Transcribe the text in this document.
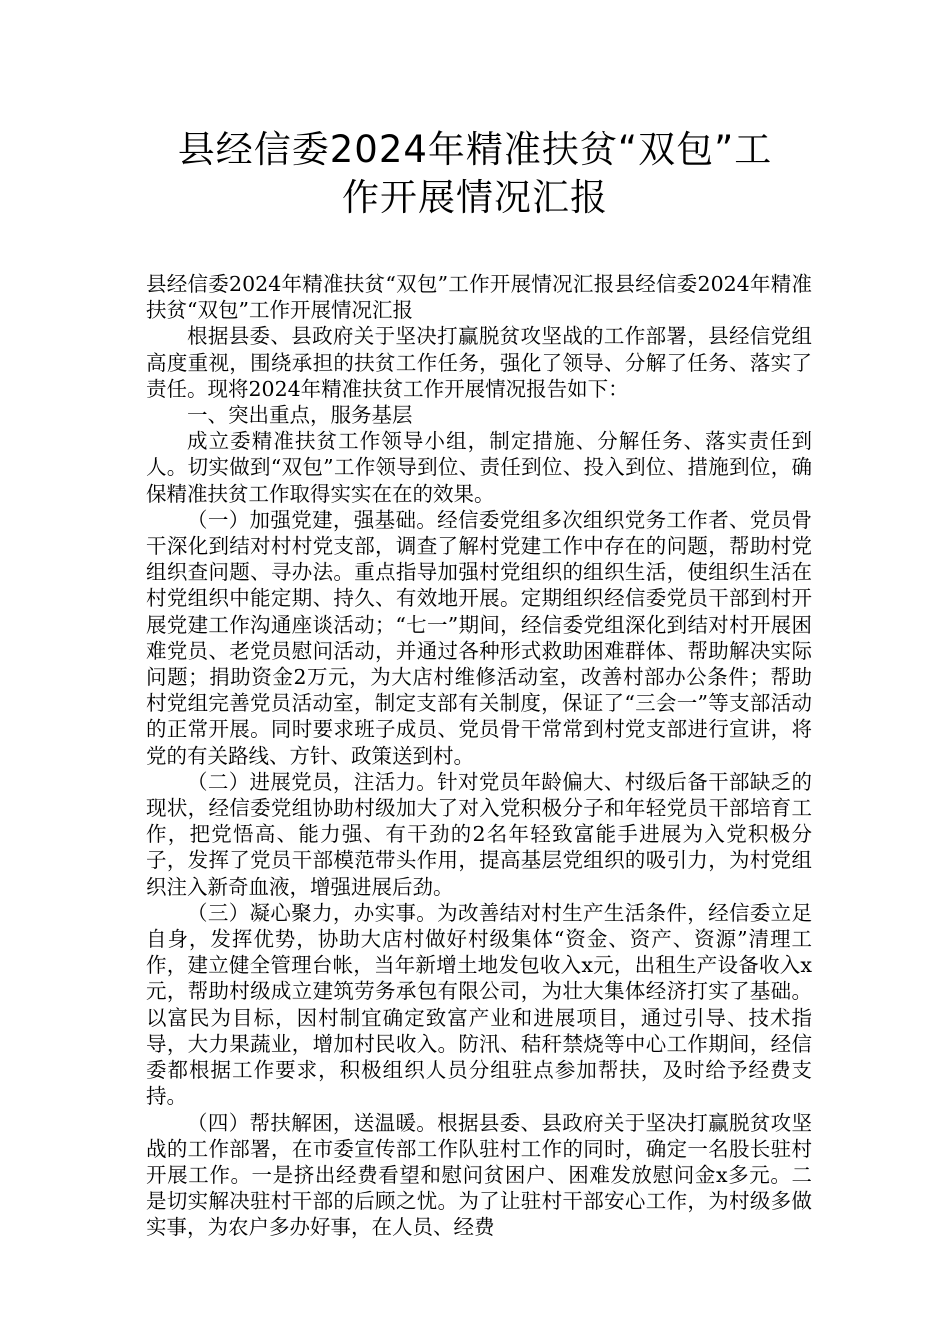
县经信委2024年精准扶贫“双包”工
作开展情况汇报

县经信委2024年精准扶贫“双包”工作开展情况汇报县经信委2024年精准扶贫“双包”工作开展情况汇报

根据县委、县政府关于坚决打赢脱贫攻坚战的工作部署，县经信党组高度重视，围绕承担的扶贫工作任务，强化了领导、分解了任务、落实了责任。现将2024年精准扶贫工作开展情况报告如下：

一、突出重点，服务基层

成立委精准扶贫工作领导小组，制定措施、分解任务、落实责任到人。切实做到“双包”工作领导到位、责任到位、投入到位、措施到位，确保精准扶贫工作取得实实在在的效果。

（一）加强党建，强基础。经信委党组多次组织党务工作者、党员骨干深化到结对村村党支部，调查了解村党建工作中存在的问题，帮助村党组织查问题、寻办法。重点指导加强村党组织的组织生活，使组织生活在村党组织中能定期、持久、有效地开展。定期组织经信委党员干部到村开展党建工作沟通座谈活动；“七一”期间，经信委党组深化到结对村开展困难党员、老党员慰问活动，并通过各种形式救助困难群体、帮助解决实际问题；捐助资金2万元，为大店村维修活动室，改善村部办公条件；帮助村党组完善党员活动室，制定支部有关制度，保证了“三会一”等支部活动的正常开展。同时要求班子成员、党员骨干常常到村党支部进行宣讲，将党的有关路线、方针、政策送到村。

（二）进展党员，注活力。针对党员年龄偏大、村级后备干部缺乏的现状，经信委党组协助村级加大了对入党积极分子和年轻党员干部培育工作，把党悟高、能力强、有干劲的2名年轻致富能手进展为入党积极分子，发挥了党员干部模范带头作用，提高基层党组织的吸引力，为村党组织注入新奇血液，增强进展后劲。

（三）凝心聚力，办实事。为改善结对村生产生活条件，经信委立足自身，发挥优势，协助大店村做好村级集体“资金、资产、资源”清理工作，建立健全管理台帐，当年新增土地发包收入x元，出租生产设备收入x元，帮助村级成立建筑劳务承包有限公司，为壮大集体经济打实了基础。以富民为目标，因村制宜确定致富产业和进展项目，通过引导、技术指导，大力果蔬业，增加村民收入。防汛、秸秆禁烧等中心工作期间，经信委都根据工作要求，积极组织人员分组驻点参加帮扶，及时给予经费支持。

（四）帮扶解困，送温暖。根据县委、县政府关于坚决打赢脱贫攻坚战的工作部署，在市委宣传部工作队驻村工作的同时，确定一名股长驻村开展工作。一是挤出经费看望和慰问贫困户、困难发放慰问金x多元。二是切实解决驻村干部的后顾之忧。为了让驻村干部安心工作，为村级多做实事，为农户多办好事，在人员、经费
